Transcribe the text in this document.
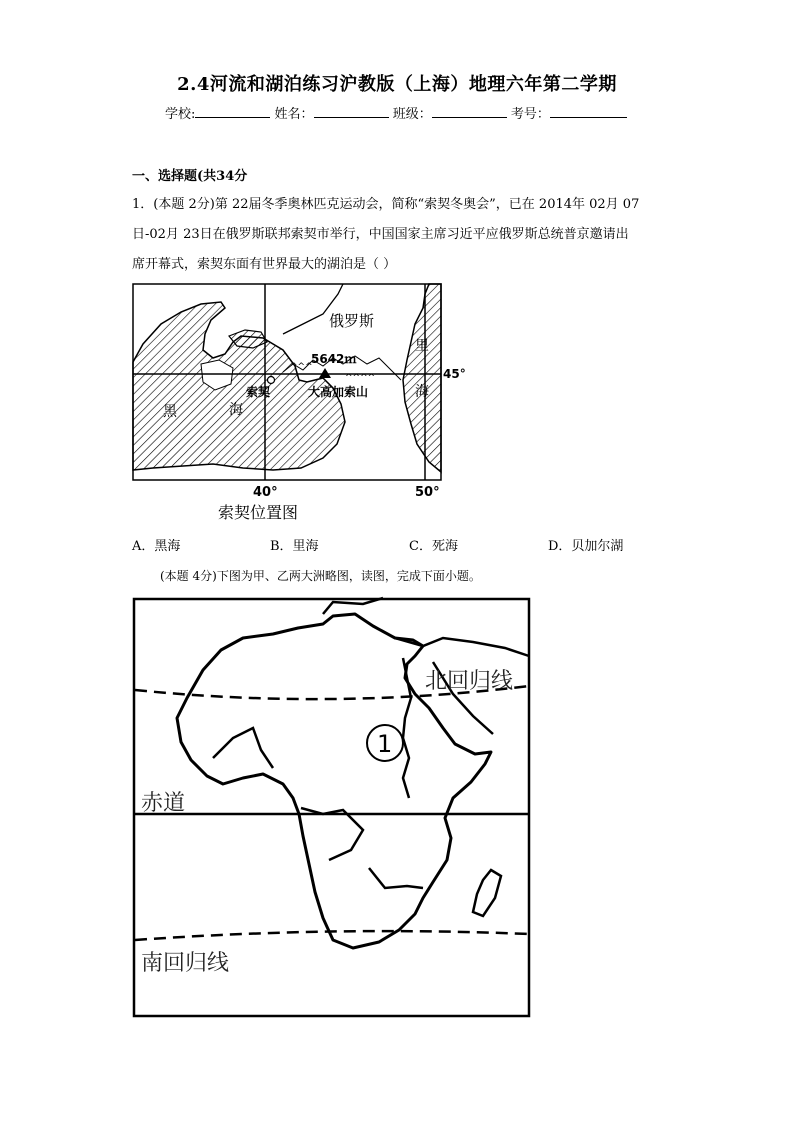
2.4河流和湖泊练习沪教版（上海）地理六年第二学期
学校:	姓名：	班级：	考号：
一、选择题(共34分
1．(本题 2分)第 22届冬季奥林匹克运动会，简称“索契冬奥会”，已在 2014年 02月 07
日-02月 23日在俄罗斯联邦索契市举行，中国国家主席习近平应俄罗斯总统普京邀请出
席开幕式，索契东面有世界最大的湖泊是（ ）
^^^
^^^^
俄罗斯
5642ｍ
大高加索山
索契
黑	海
里
海
45°
40°	50°
索契位置图
A．黑海	B．里海	C．死海	D．贝加尔湖
(本题 4分)下图为甲、乙两大洲略图，读图，完成下面小题。
北回归线
赤道
南回归线
1
